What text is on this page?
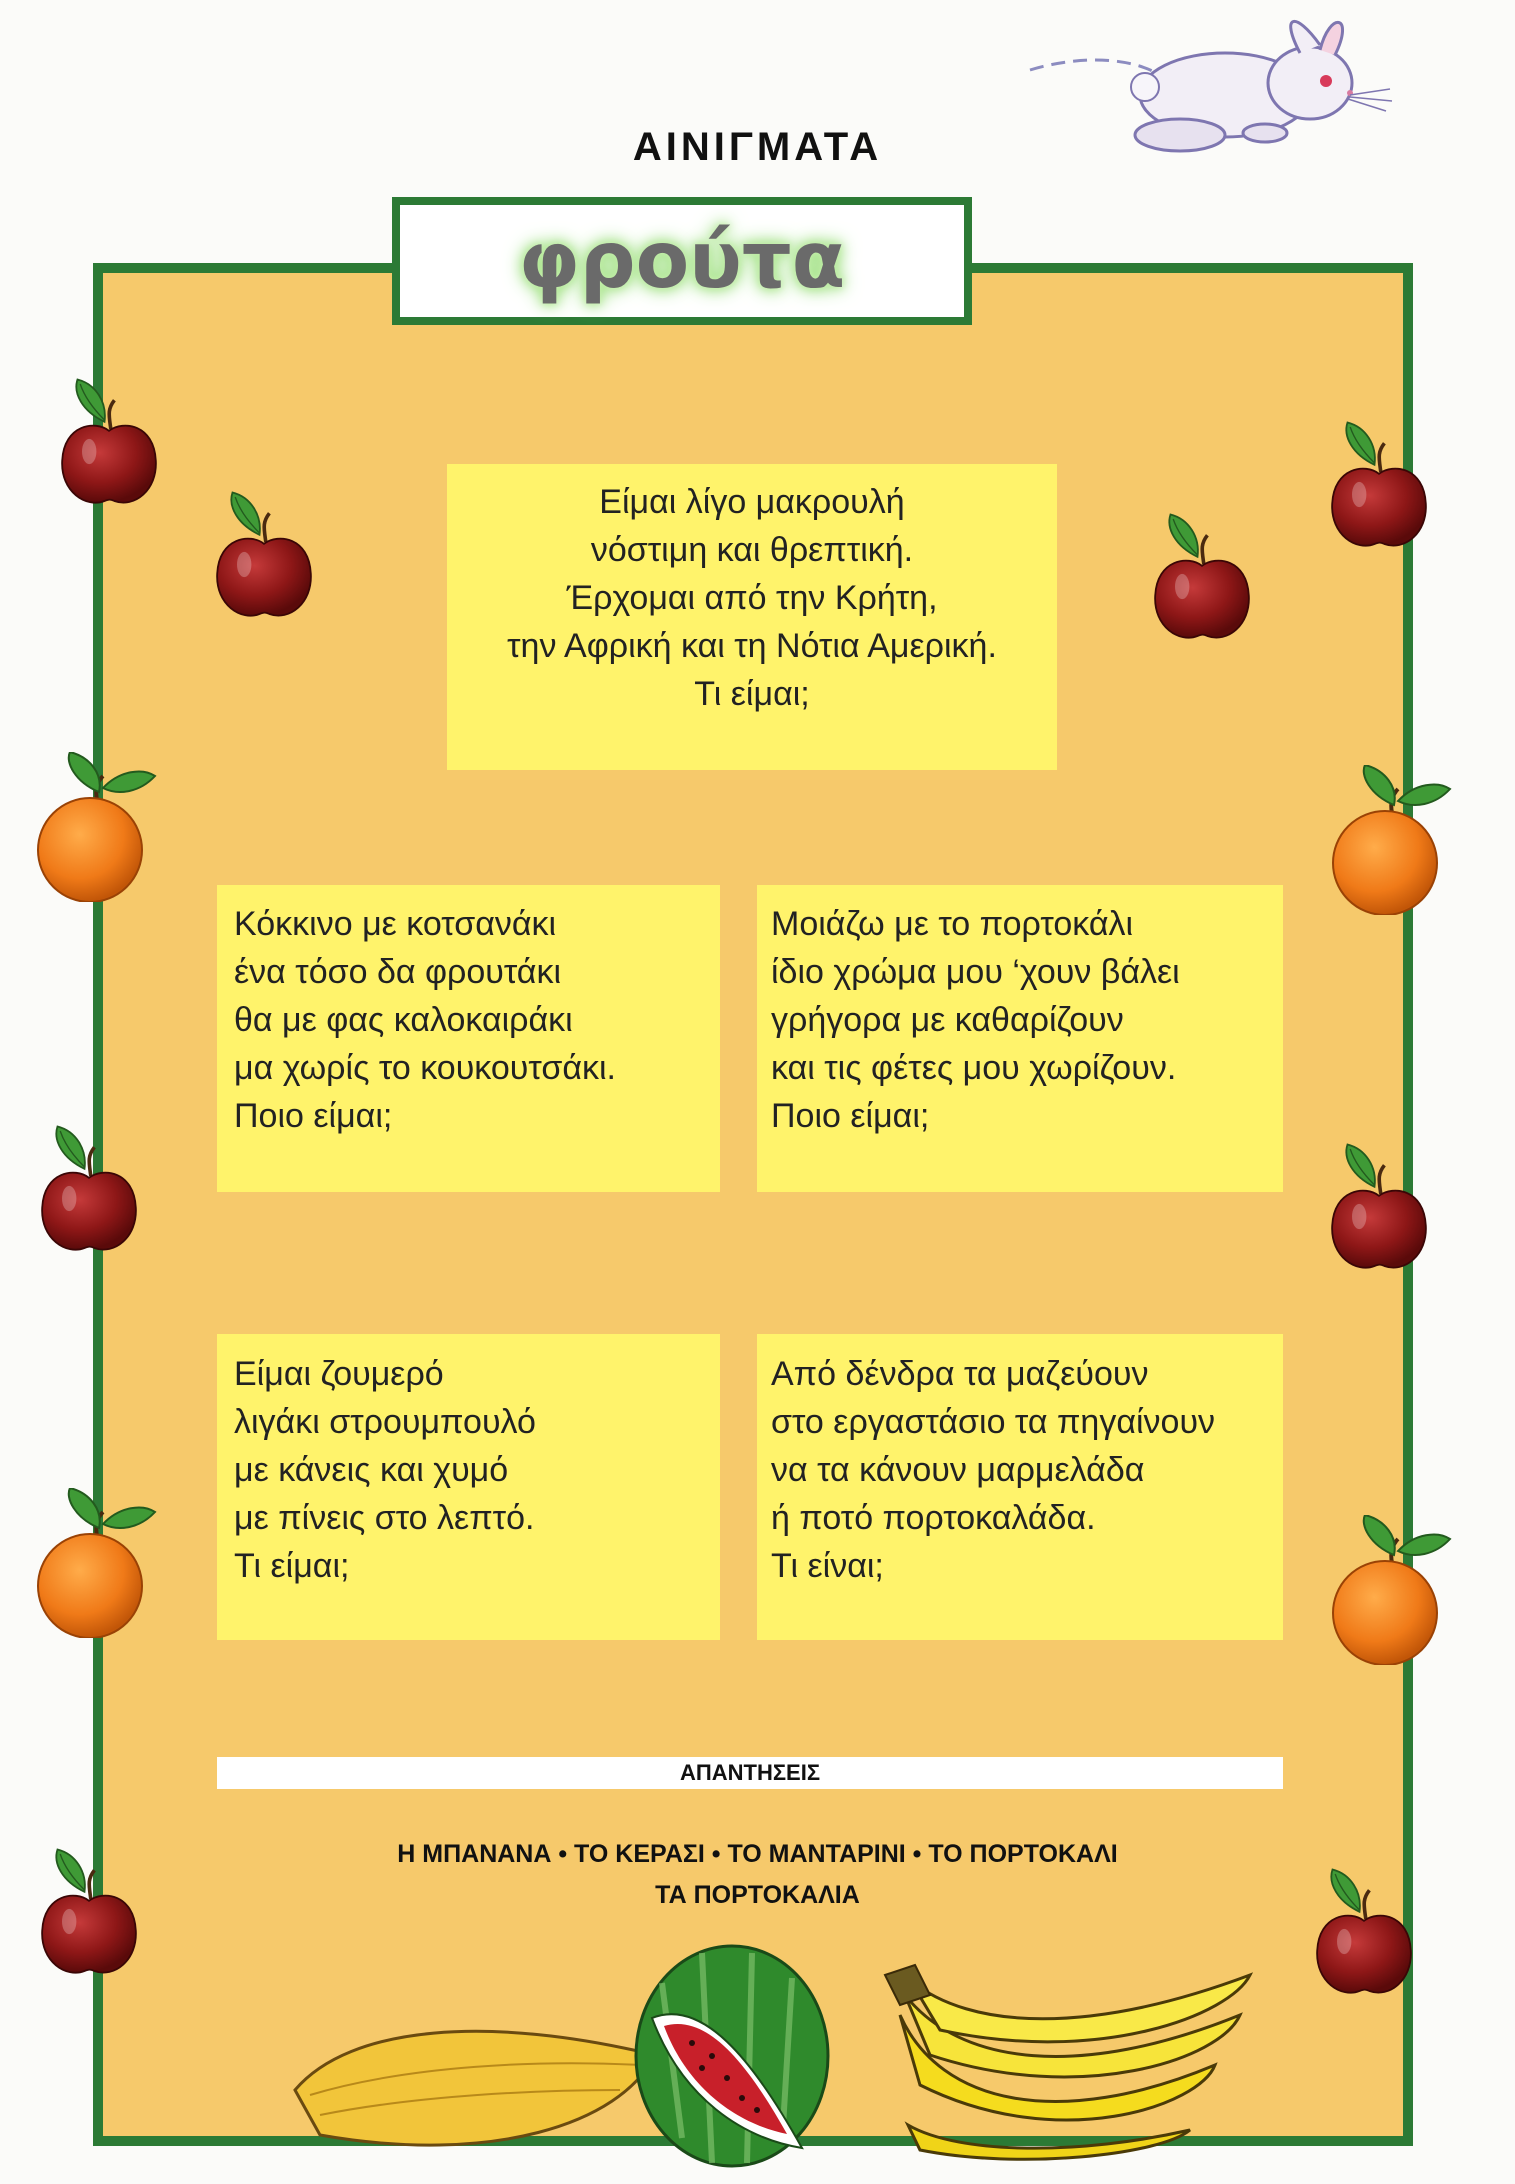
ΑΙΝΙΓΜΑΤΑ
φρούτα
Είμαι λίγο μακρουλή
νόστιμη και θρεπτική.
Έρχομαι από την Κρήτη,
την Αφρική και τη Νότια Αμερική.
Τι είμαι;
Κόκκινο με κοτσανάκι
ένα τόσο δα φρουτάκι
θα με φας καλοκαιράκι
μα χωρίς το κουκουτσάκι.
Ποιο είμαι;
Μοιάζω με το πορτοκάλι
ίδιο χρώμα μου ‘χουν βάλει
γρήγορα με καθαρίζουν
και τις φέτες μου χωρίζουν.
Ποιο είμαι;
Είμαι ζουμερό
λιγάκι στρουμπουλό
με κάνεις και χυμό
με πίνεις στο λεπτό.
Τι είμαι;
Από δένδρα τα μαζεύουν
στο εργαστάσιο τα πηγαίνουν
να τα κάνουν μαρμελάδα
ή ποτό πορτοκαλάδα.
Τι είναι;
ΑΠΑΝΤΗΣΕΙΣ
Η ΜΠΑΝΑΝΑ • ΤΟ ΚΕΡΑΣΙ • ΤΟ ΜΑΝΤΑΡΙΝΙ • ΤΟ ΠΟΡΤΟΚΑΛΙ
ΤΑ ΠΟΡΤΟΚΑΛΙΑ
